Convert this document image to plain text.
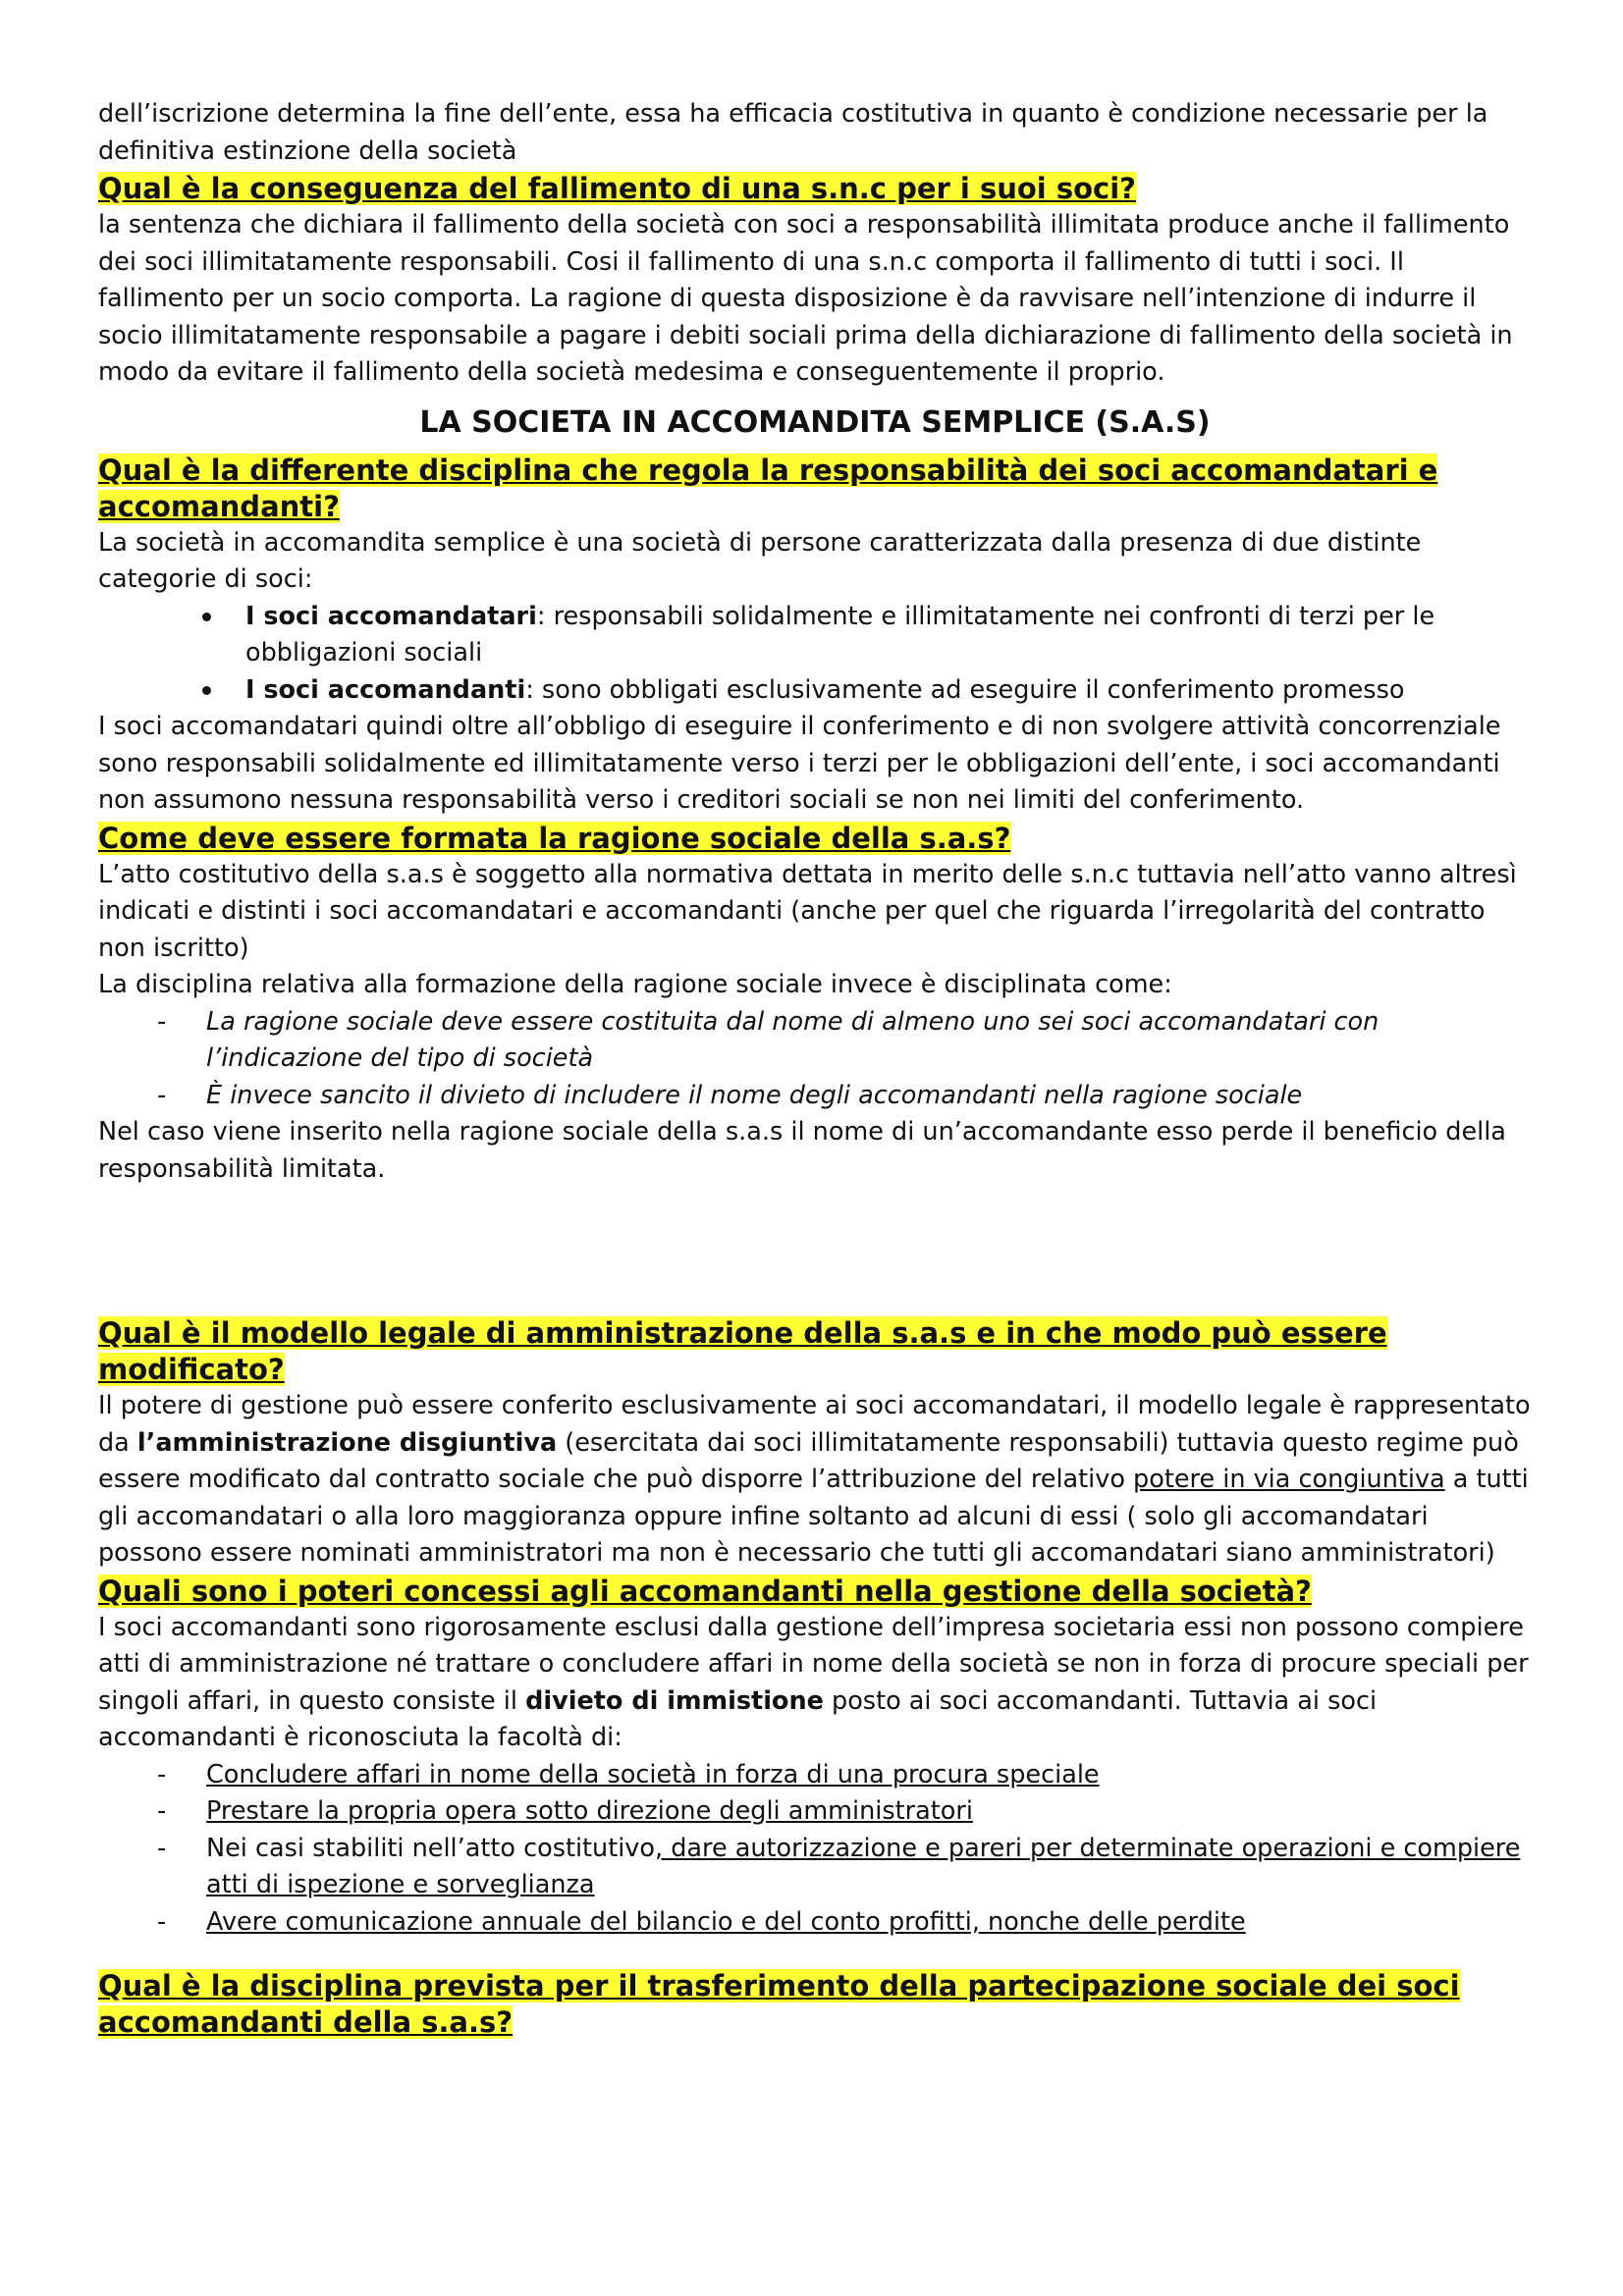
dell’iscrizione determina la fine dell’ente, essa ha efficacia costitutiva in quanto è condizione necessarie per la definitiva estinzione della società

Qual è la conseguenza del fallimento di una s.n.c per i suoi soci?

la sentenza che dichiara il fallimento della società con soci a responsabilità illimitata produce anche il fallimento dei soci illimitatamente responsabili. Cosi il fallimento di una s.n.c comporta il fallimento di tutti i soci. Il fallimento per un socio comporta. La ragione di questa disposizione è da ravvisare nell’intenzione di indurre il socio illimitatamente responsabile a pagare i debiti sociali prima della dichiarazione di fallimento della società in modo da evitare il fallimento della società medesima e conseguentemente il proprio.

LA SOCIETA IN ACCOMANDITA SEMPLICE (S.A.S)

Qual è la differente disciplina che regola la responsabilità dei soci accomandatari e accomandanti?

La società in accomandita semplice è una società di persone caratterizzata dalla presenza di due distinte categorie di soci:

I soci accomandatari: responsabili solidalmente e illimitatamente nei confronti di terzi per le obbligazioni sociali
I soci accomandanti: sono obbligati esclusivamente ad eseguire il conferimento promesso

I soci accomandatari quindi oltre all’obbligo di eseguire il conferimento e di non svolgere attività concorrenziale sono responsabili solidalmente ed illimitatamente verso i terzi per le obbligazioni dell’ente, i soci accomandanti non assumono nessuna responsabilità verso i creditori sociali se non nei limiti del conferimento.

Come deve essere formata la ragione sociale della s.a.s?

L’atto costitutivo della s.a.s è soggetto alla normativa dettata in merito delle s.n.c tuttavia nell’atto vanno altresì indicati e distinti i soci accomandatari e accomandanti (anche per quel che riguarda l’irregolarità del contratto non iscritto)

La disciplina relativa alla formazione della ragione sociale invece è disciplinata come:

- La ragione sociale deve essere costituita dal nome di almeno uno sei soci accomandatari con l’indicazione del tipo di società
- È invece sancito il divieto di includere il nome degli accomandanti nella ragione sociale

Nel caso viene inserito nella ragione sociale della s.a.s il nome di un’accomandante esso perde il beneficio della responsabilità limitata.

Qual è il modello legale di amministrazione della s.a.s e in che modo può essere modificato?

Il potere di gestione può essere conferito esclusivamente ai soci accomandatari, il modello legale è rappresentato da l’amministrazione disgiuntiva (esercitata dai soci illimitatamente responsabili) tuttavia questo regime può essere modificato dal contratto sociale che può disporre l’attribuzione del relativo potere in via congiuntiva a tutti gli accomandatari o alla loro maggioranza oppure infine soltanto ad alcuni di essi ( solo gli accomandatari possono essere nominati amministratori ma non è necessario che tutti gli accomandatari siano amministratori)

Quali sono i poteri concessi agli accomandanti nella gestione della società?

I soci accomandanti sono rigorosamente esclusi dalla gestione dell’impresa societaria essi non possono compiere atti di amministrazione né trattare o concludere affari in nome della società se non in forza di procure speciali per singoli affari, in questo consiste il divieto di immistione posto ai soci accomandanti. Tuttavia ai soci accomandanti è riconosciuta la facoltà di:

- Concludere affari in nome della società in forza di una procura speciale
- Prestare la propria opera sotto direzione degli amministratori
- Nei casi stabiliti nell’atto costitutivo, dare autorizzazione e pareri per determinate operazioni e compiere atti di ispezione e sorveglianza
- Avere comunicazione annuale del bilancio e del conto profitti, nonche delle perdite

Qual è la disciplina prevista per il trasferimento della partecipazione sociale dei soci accomandanti della s.a.s?
